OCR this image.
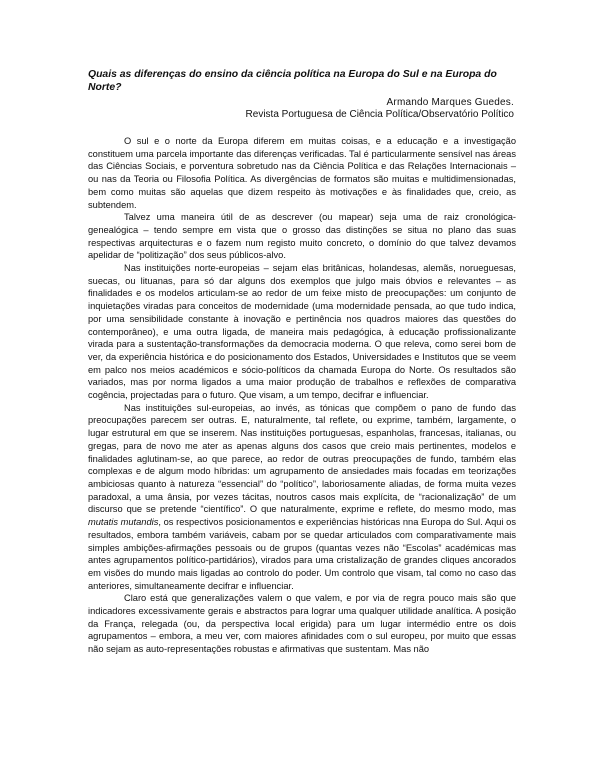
Quais as diferenças do ensino da ciência política na Europa do Sul e na Europa do Norte?
Armando Marques Guedes.
Revista Portuguesa de Ciência Política/Observatório Político

O sul e o norte da Europa diferem em muitas coisas, e a educação e a investigação constituem uma parcela importante das diferenças verificadas. Tal é particularmente sensível nas áreas das Ciências Sociais, e porventura sobretudo nas da Ciência Política e das Relações Internacionais – ou nas da Teoria ou Filosofia Política. As divergências de formatos são muitas e multidimensionadas, bem como muitas são aquelas que dizem respeito às motivações e às finalidades que, creio, as subtendem.

Talvez uma maneira útil de as descrever (ou mapear) seja uma de raiz cronológica-genealógica – tendo sempre em vista que o grosso das distinções se situa no plano das suas respectivas arquitecturas e o fazem num registo muito concreto, o domínio do que talvez devamos apelidar de “politização” dos seus públicos-alvo.

Nas instituições norte-europeias – sejam elas britânicas, holandesas, alemãs, norueguesas, suecas, ou lituanas, para só dar alguns dos exemplos que julgo mais óbvios e relevantes – as finalidades e os modelos articulam-se ao redor de um feixe misto de preocupações: um conjunto de inquietações viradas para conceitos de modernidade (uma modernidade pensada, ao que tudo indica, por uma sensibilidade constante à inovação e pertinência nos quadros maiores das questões do contemporâneo), e uma outra ligada, de maneira mais pedagógica, à educação profissionalizante virada para a sustentação-transformações da democracia moderna. O que releva, como serei bom de ver, da experiência histórica e do posicionamento dos Estados, Universidades e Institutos que se veem em palco nos meios académicos e sócio-políticos da chamada Europa do Norte. Os resultados são variados, mas por norma ligados a uma maior produção de trabalhos e reflexões de comparativa cogência, projectadas para o futuro. Que visam, a um tempo, decifrar e influenciar.

Nas instituições sul-europeias, ao invés, as tónicas que compõem o pano de fundo das preocupações parecem ser outras. E, naturalmente, tal reflete, ou exprime, também, largamente, o lugar estrutural em que se inserem. Nas instituições portuguesas, espanholas, francesas, italianas, ou gregas, para de novo me ater as apenas alguns dos casos que creio mais pertinentes, modelos e finalidades aglutinam-se, ao que parece, ao redor de outras preocupações de fundo, também elas complexas e de algum modo híbridas: um agrupamento de ansiedades mais focadas em teorizações ambiciosas quanto à natureza “essencial” do “político”, laboriosamente aliadas, de forma muita vezes paradoxal, a uma ânsia, por vezes tácitas, noutros casos mais explícita, de “racionalização” de um discurso que se pretende “científico”. O que naturalmente, exprime e reflete, do mesmo modo, mas mutatis mutandis, os respectivos posicionamentos e experiências históricas nna Europa do Sul. Aqui os resultados, embora também variáveis, cabam por se quedar articulados com comparativamente mais simples ambições-afirmações pessoais ou de grupos (quantas vezes não “Escolas” académicas mas antes agrupamentos político-partidários), virados para uma cristalização de grandes cliques ancorados em visões do mundo mais ligadas ao controlo do poder. Um controlo que visam, tal como no caso das anteriores, simultaneamente decifrar e influenciar.

Claro está que generalizações valem o que valem, e por via de regra pouco mais são que indicadores excessivamente gerais e abstractos para lograr uma qualquer utilidade analítica. A posição da França, relegada (ou, da perspectiva local erigida) para um lugar intermédio entre os dois agrupamentos – embora, a meu ver, com maiores afinidades com o sul europeu, por muito que essas não sejam as auto-representações robustas e afirmativas que sustentam. Mas não
